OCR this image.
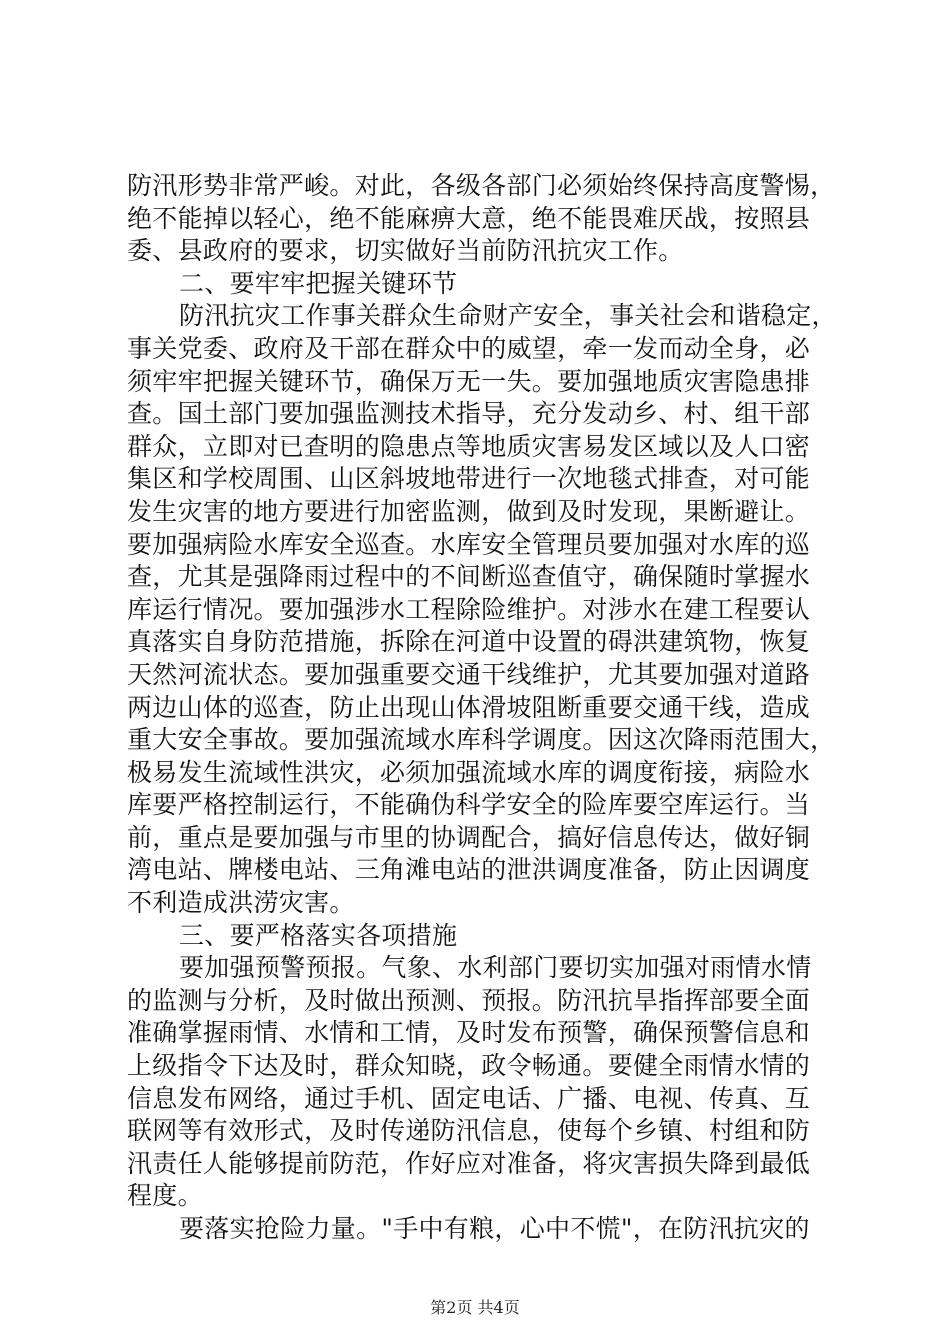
防汛形势非常严峻。对此，各级各部门必须始终保持高度警惕，
绝不能掉以轻心，绝不能麻痹大意，绝不能畏难厌战，按照县
委、县政府的要求，切实做好当前防汛抗灾工作。
二、要牢牢把握关键环节
防汛抗灾工作事关群众生命财产安全，事关社会和谐稳定，
事关党委、政府及干部在群众中的威望，牵一发而动全身，必
须牢牢把握关键环节，确保万无一失。要加强地质灾害隐患排
查。国土部门要加强监测技术指导，充分发动乡、村、组干部
群众，立即对已查明的隐患点等地质灾害易发区域以及人口密
集区和学校周围、山区斜坡地带进行一次地毯式排查，对可能
发生灾害的地方要进行加密监测，做到及时发现，果断避让。
要加强病险水库安全巡查。水库安全管理员要加强对水库的巡
查，尤其是强降雨过程中的不间断巡查值守，确保随时掌握水
库运行情况。要加强涉水工程除险维护。对涉水在建工程要认
真落实自身防范措施，拆除在河道中设置的碍洪建筑物，恢复
天然河流状态。要加强重要交通干线维护，尤其要加强对道路
两边山体的巡查，防止出现山体滑坡阻断重要交通干线，造成
重大安全事故。要加强流域水库科学调度。因这次降雨范围大，
极易发生流域性洪灾，必须加强流域水库的调度衔接，病险水
库要严格控制运行，不能确伪科学安全的险库要空库运行。当
前，重点是要加强与市里的协调配合，搞好信息传达，做好铜
湾电站、牌楼电站、三角滩电站的泄洪调度准备，防止因调度
不利造成洪涝灾害。
三、要严格落实各项措施
要加强预警预报。气象、水利部门要切实加强对雨情水情
的监测与分析，及时做出预测、预报。防汛抗旱指挥部要全面
准确掌握雨情、水情和工情，及时发布预警，确保预警信息和
上级指令下达及时，群众知晓，政令畅通。要健全雨情水情的
信息发布网络，通过手机、固定电话、广播、电视、传真、互
联网等有效形式，及时传递防汛信息，使每个乡镇、村组和防
汛责任人能够提前防范，作好应对准备，将灾害损失降到最低
程度。
要落实抢险力量。"手中有粮，心中不慌"，在防汛抗灾的
第2页 共4页
